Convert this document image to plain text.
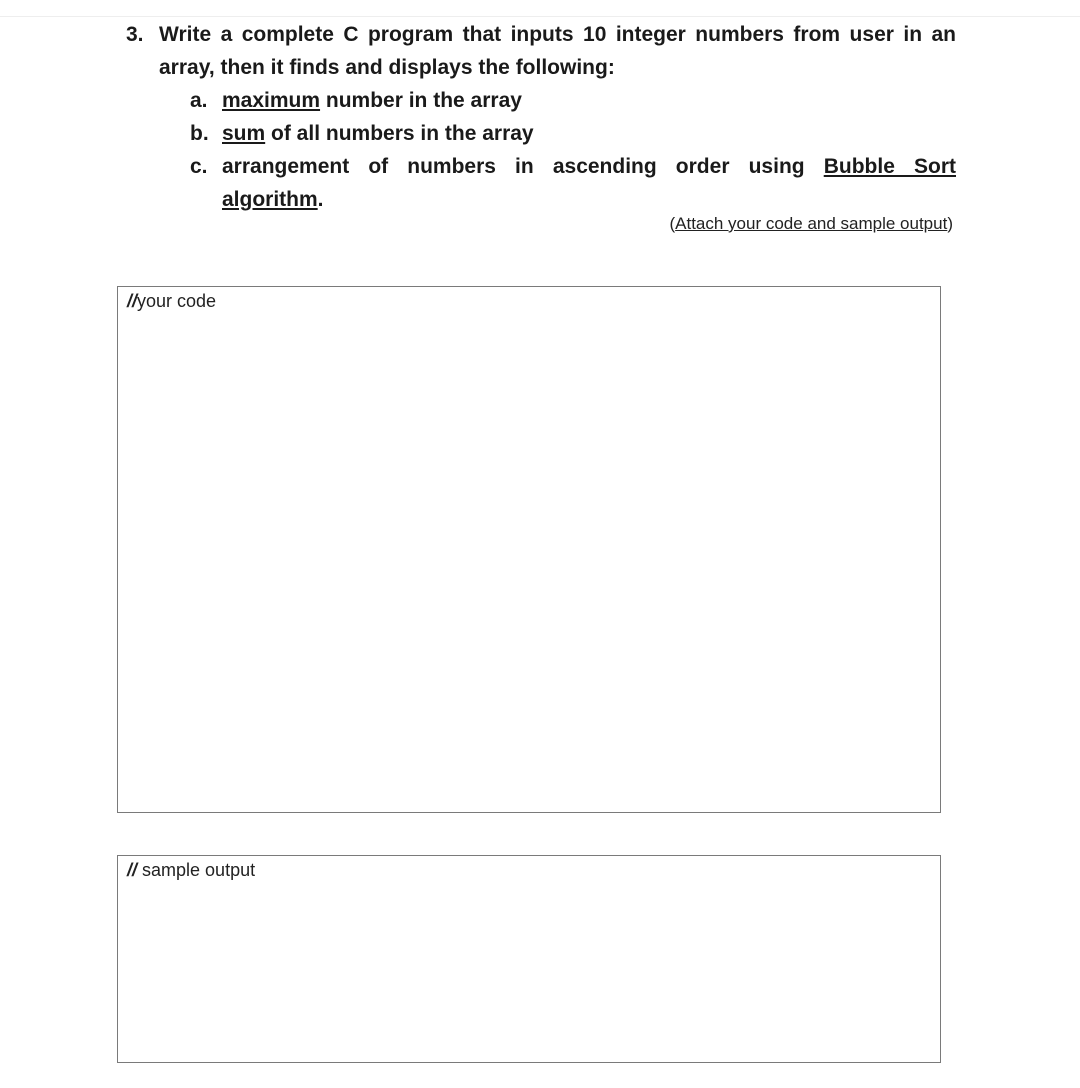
3. Write a complete C program that inputs 10 integer numbers from user in an
array, then it finds and displays the following:
a. maximum number in the array
b. sum of all numbers in the array
c. arrangement of numbers in ascending order using Bubble Sort
algorithm.
(Attach your code and sample output)
//your code
// sample output
